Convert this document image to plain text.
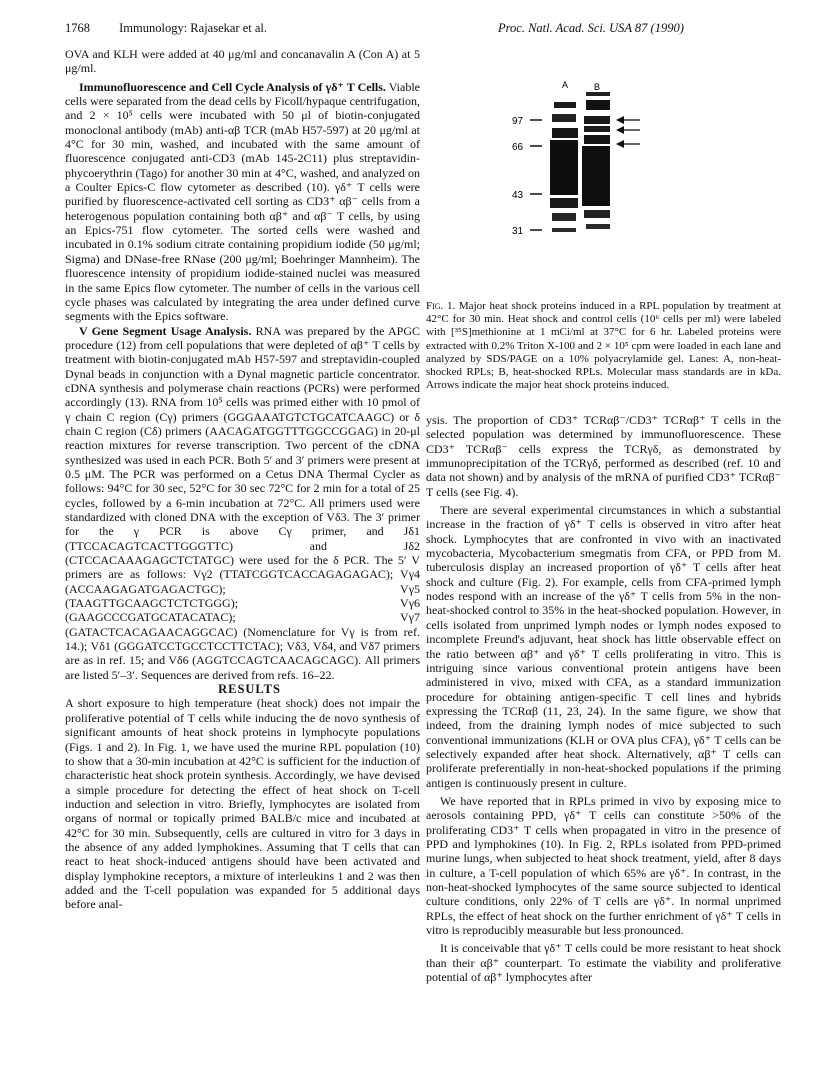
1768 Immunology: Rajasekar et al.	Proc. Natl. Acad. Sci. USA 87 (1990)

OVA and KLH were added at 40 μg/ml and concanavalin A (Con A) at 5 μg/ml.

Immunofluorescence and Cell Cycle Analysis of γδ⁺ T Cells. Viable cells were separated from the dead cells by Ficoll/hypaque centrifugation, and 2 × 10⁵ cells were incubated with 50 μl of biotin-conjugated monoclonal antibody (mAb) anti-αβ TCR (mAb H57-597) at 20 μg/ml at 4°C for 30 min, washed, and incubated with the same amount of fluorescence conjugated anti-CD3 (mAb 145-2C11) plus streptavidin-phycoerythrin (Tago) for another 30 min at 4°C, washed, and analyzed on a Coulter Epics-C flow cytometer as described (10). γδ⁺ T cells were purified by fluorescence-activated cell sorting as CD3⁺ αβ⁻ cells from a heterogenous population containing both αβ⁺ and αβ⁻ T cells, by using an Epics-751 flow cytometer. The sorted cells were washed and incubated in 0.1% sodium citrate containing propidium iodide (50 μg/ml; Sigma) and DNase-free RNase (200 μg/ml; Boehringer Mannheim). The fluorescence intensity of propidium iodide-stained nuclei was measured in the same Epics flow cytometer. The number of cells in the various cell cycle phases was calculated by integrating the area under defined curve segments with the Epics software.

V Gene Segment Usage Analysis. RNA was prepared by the APGC procedure (12) from cell populations that were depleted of αβ⁺ T cells by treatment with biotin-conjugated mAb H57-597 and streptavidin-coupled Dynal beads in conjunction with a Dynal magnetic particle concentrator. cDNA synthesis and polymerase chain reactions (PCRs) were performed accordingly (13). RNA from 10⁵ cells was primed either with 10 pmol of γ chain C region (Cγ) primers (GGGAAATGTCTGCATCAAGC) or δ chain C region (Cδ) primers (AACAGATGGTTTGGCCGGAG) in 20-μl reaction mixtures for reverse transcription. Two percent of the cDNA synthesized was used in each PCR. Both 5′ and 3′ primers were present at 0.5 μM. The PCR was performed on a Cetus DNA Thermal Cycler as follows: 94°C for 30 sec, 52°C for 30 sec 72°C for 2 min for a total of 25 cycles, followed by a 6-min incubation at 72°C. All primers used were standardized with cloned DNA with the exception of Vδ3. The 3′ primer for the γ PCR is above Cγ primer, and Jδ1 (TTCCACAGTCACTTGGGTTC) and Jδ2 (CTCCACAAAGAGCTCTATGC) were used for the δ PCR. The 5′ V primers are as follows: Vγ2 (TTATCGGTCACCAGAGAGAC); Vγ4 (ACCAAGAGATGAGACTGC); Vγ5 (TAAGTTGCAAGCTCTCTGGG); Vγ6 (GAAGCCCGATGCATACATAC); Vγ7 (GATACTCACAGAACAGGCAC) (Nomenclature for Vγ is from ref. 14.); Vδ1 (GGGATCCTGCCTCCTTCTAC); Vδ3, Vδ4, and Vδ7 primers are as in ref. 15; and Vδ6 (AGGTCCAGTCAACAGCAGC). All primers are listed 5′–3′. Sequences are derived from refs. 16–22.

RESULTS

A short exposure to high temperature (heat shock) does not impair the proliferative potential of T cells while inducing the de novo synthesis of significant amounts of heat shock proteins in lymphocyte populations (Figs. 1 and 2). In Fig. 1, we have used the murine RPL population (10) to show that a 30-min incubation at 42°C is sufficient for the induction of characteristic heat shock protein synthesis. Accordingly, we have devised a simple procedure for detecting the effect of heat shock on T-cell induction and selection in vitro. Briefly, lymphocytes are isolated from organs of normal or topically primed BALB/c mice and incubated at 42°C for 30 min. Subsequently, cells are cultured in vitro for 3 days in the absence of any added lymphokines. Assuming that T cells that can react to heat shock-induced antigens should have been activated and display lymphokine receptors, a mixture of interleukins 1 and 2 was then added and the T-cell population was expanded for 5 additional days before anal-

A	B
97
66
43
31
Fig. 1. Major heat shock proteins induced in a RPL population by treatment at 42°C for 30 min. Heat shock and control cells (10⁶ cells per ml) were labeled with [³⁵S]methionine at 1 mCi/ml at 37°C for 6 hr. Labeled proteins were extracted with 0.2% Triton X-100 and 2 × 10⁵ cpm were loaded in each lane and analyzed by SDS/PAGE on a 10% polyacrylamide gel. Lanes: A, non-heat-shocked RPLs; B, heat-shocked RPLs. Molecular mass standards are in kDa. Arrows indicate the major heat shock proteins induced.

ysis. The proportion of CD3⁺ TCRαβ⁻/CD3⁺ TCRαβ⁺ T cells in the selected population was determined by immunofluorescence. These CD3⁺ TCRαβ⁻ cells express the TCRγδ, as demonstrated by immunoprecipitation of the TCRγδ, performed as described (ref. 10 and data not shown) and by analysis of the mRNA of purified CD3⁺ TCRαβ⁻ T cells (see Fig. 4).

There are several experimental circumstances in which a substantial increase in the fraction of γδ⁺ T cells is observed in vitro after heat shock. Lymphocytes that are confronted in vivo with an inactivated mycobacteria, Mycobacterium smegmatis from CFA, or PPD from M. tuberculosis display an increased proportion of γδ⁺ T cells after heat shock and culture (Fig. 2). For example, cells from CFA-primed lymph nodes respond with an increase of the γδ⁺ T cells from 5% in the non-heat-shocked control to 35% in the heat-shocked population. However, in cells isolated from unprimed lymph nodes or lymph nodes exposed to incomplete Freund's adjuvant, heat shock has little observable effect on the ratio between αβ⁺ and γδ⁺ T cells proliferating in vitro. This is intriguing since various conventional protein antigens have been administered in vivo, mixed with CFA, as a standard immunization procedure for obtaining antigen-specific T cell lines and hybrids expressing the TCRαβ (11, 23, 24). In the same figure, we show that indeed, from the draining lymph nodes of mice subjected to such conventional immunizations (KLH or OVA plus CFA), γδ⁺ T cells can be selectively expanded after heat shock. Alternatively, αβ⁺ T cells can proliferate preferentially in non-heat-shocked populations if the priming antigen is continuously present in culture.

We have reported that in RPLs primed in vivo by exposing mice to aerosols containing PPD, γδ⁺ T cells can constitute >50% of the proliferating CD3⁺ T cells when propagated in vitro in the presence of PPD and lymphokines (10). In Fig. 2, RPLs isolated from PPD-primed murine lungs, when subjected to heat shock treatment, yield, after 8 days in culture, a T-cell population of which 65% are γδ⁺. In contrast, in the non-heat-shocked lymphocytes of the same source subjected to identical culture conditions, only 22% of T cells are γδ⁺. In normal unprimed RPLs, the effect of heat shock on the further enrichment of γδ⁺ T cells in vitro is reproducibly measurable but less pronounced.

It is conceivable that γδ⁺ T cells could be more resistant to heat shock than their αβ⁺ counterpart. To estimate the viability and proliferative potential of αβ⁺ lymphocytes after
